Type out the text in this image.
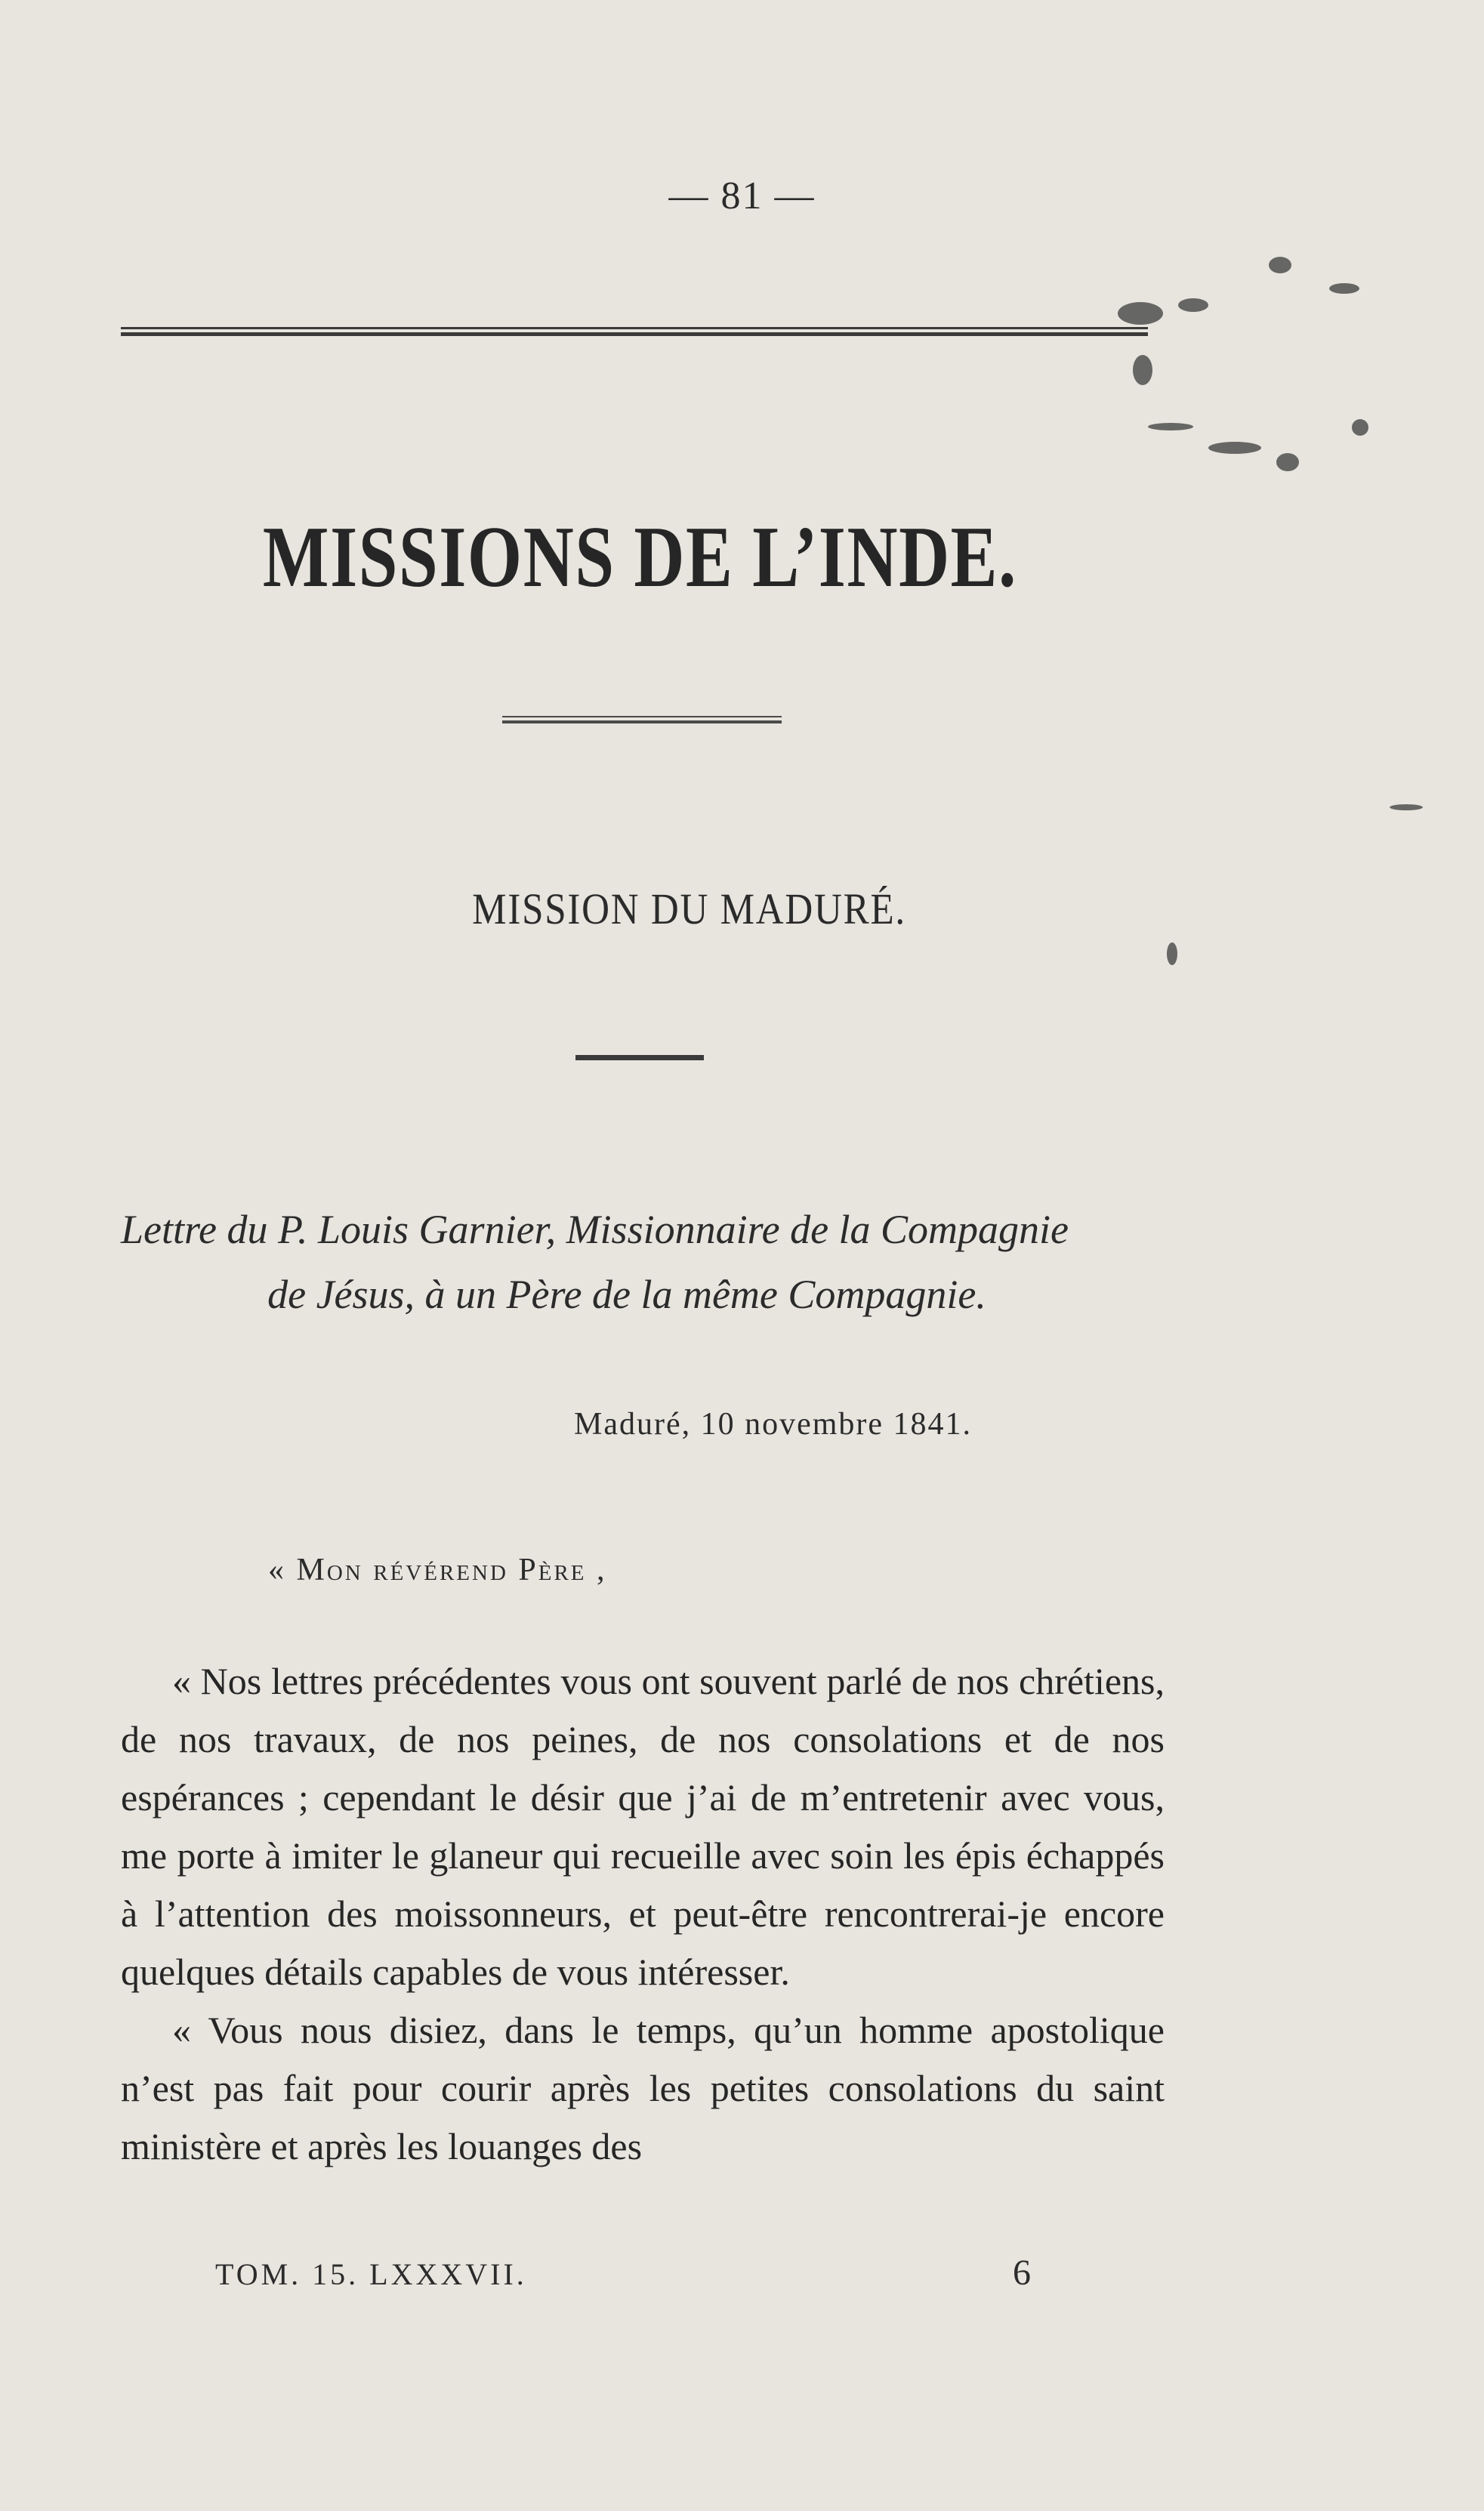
— 81 —
MISSIONS DE L’INDE.
MISSION DU MADURÉ.
Lettre du P. Louis Garnier, Missionnaire de la Compagnie
de Jésus, à un Père de la même Compagnie.
Maduré, 10 novembre 1841.
« Mon révérend Père ,

« Nos lettres précédentes vous ont souvent parlé de nos chrétiens, de nos travaux, de nos peines, de nos consolations et de nos espérances ; cependant le désir que j’ai de m’entretenir avec vous, me porte à imiter le glaneur qui recueille avec soin les épis échappés à l’attention des moissonneurs, et peut-être rencontrerai-je encore quelques détails capables de vous intéresser.

« Vous nous disiez, dans le temps, qu’un homme apostolique n’est pas fait pour courir après les petites consolations du saint ministère et après les louanges des

TOM. 15. LXXXVII.	6
